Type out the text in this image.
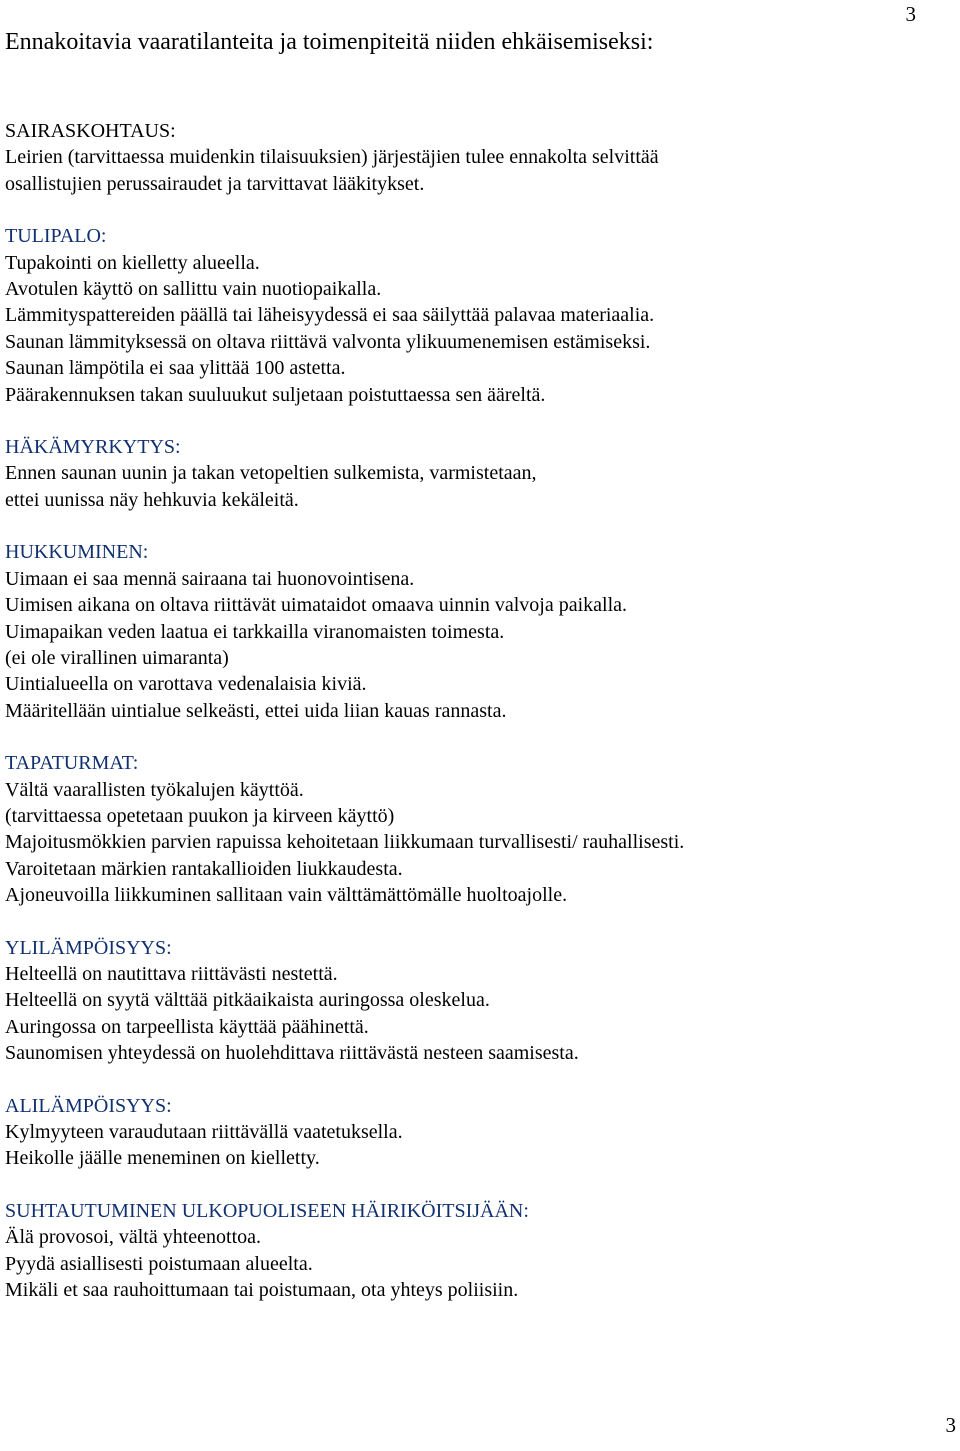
3
Ennakoitavia vaaratilanteita ja toimenpiteitä niiden ehkäisemiseksi:
SAIRASKOHTAUS:
Leirien (tarvittaessa muidenkin tilaisuuksien) järjestäjien tulee ennakolta selvittää
osallistujien perussairaudet ja tarvittavat lääkitykset.
TULIPALO:
Tupakointi on kielletty alueella.
Avotulen käyttö on sallittu vain nuotiopaikalla.
Lämmityspattereiden päällä tai läheisyydessä ei saa säilyttää palavaa materiaalia.
Saunan lämmityksessä on oltava riittävä valvonta ylikuumenemisen estämiseksi.
Saunan lämpötila ei saa ylittää 100 astetta.
Päärakennuksen takan suuluukut suljetaan poistuttaessa sen ääreltä.
HÄKÄMYRKYTYS:
Ennen saunan uunin ja takan vetopeltien sulkemista, varmistetaan,
ettei uunissa näy hehkuvia kekäleitä.
HUKKUMINEN:
Uimaan ei saa mennä sairaana tai huonovointisena.
Uimisen aikana on oltava riittävät uimataidot omaava uinnin valvoja paikalla.
Uimapaikan veden laatua ei tarkkailla viranomaisten toimesta.
(ei ole virallinen uimaranta)
Uintialueella on varottava vedenalaisia kiviä.
Määritellään uintialue selkeästi, ettei uida liian kauas rannasta.
TAPATURMAT:
Vältä vaarallisten työkalujen käyttöä.
(tarvittaessa opetetaan puukon ja kirveen käyttö)
Majoitusmökkien parvien rapuissa kehoitetaan liikkumaan turvallisesti/ rauhallisesti.
Varoitetaan märkien rantakallioiden liukkaudesta.
Ajoneuvoilla liikkuminen sallitaan vain välttämättömälle huoltoajolle.
YLILÄMPÖISYYS:
Helteellä on nautittava riittävästi nestettä.
Helteellä on syytä välttää pitkäaikaista auringossa oleskelua.
Auringossa on tarpeellista käyttää päähinettä.
Saunomisen yhteydessä on huolehdittava riittävästä nesteen saamisesta.
ALILÄMPÖISYYS:
Kylmyyteen varaudutaan riittävällä vaatetuksella.
Heikolle jäälle meneminen on kielletty.
SUHTAUTUMINEN ULKOPUOLISEEN HÄIRIKÖITSIJÄÄN:
Älä provosoi, vältä yhteenottoa.
Pyydä asiallisesti poistumaan alueelta.
Mikäli et saa rauhoittumaan tai poistumaan, ota yhteys poliisiin.
3
